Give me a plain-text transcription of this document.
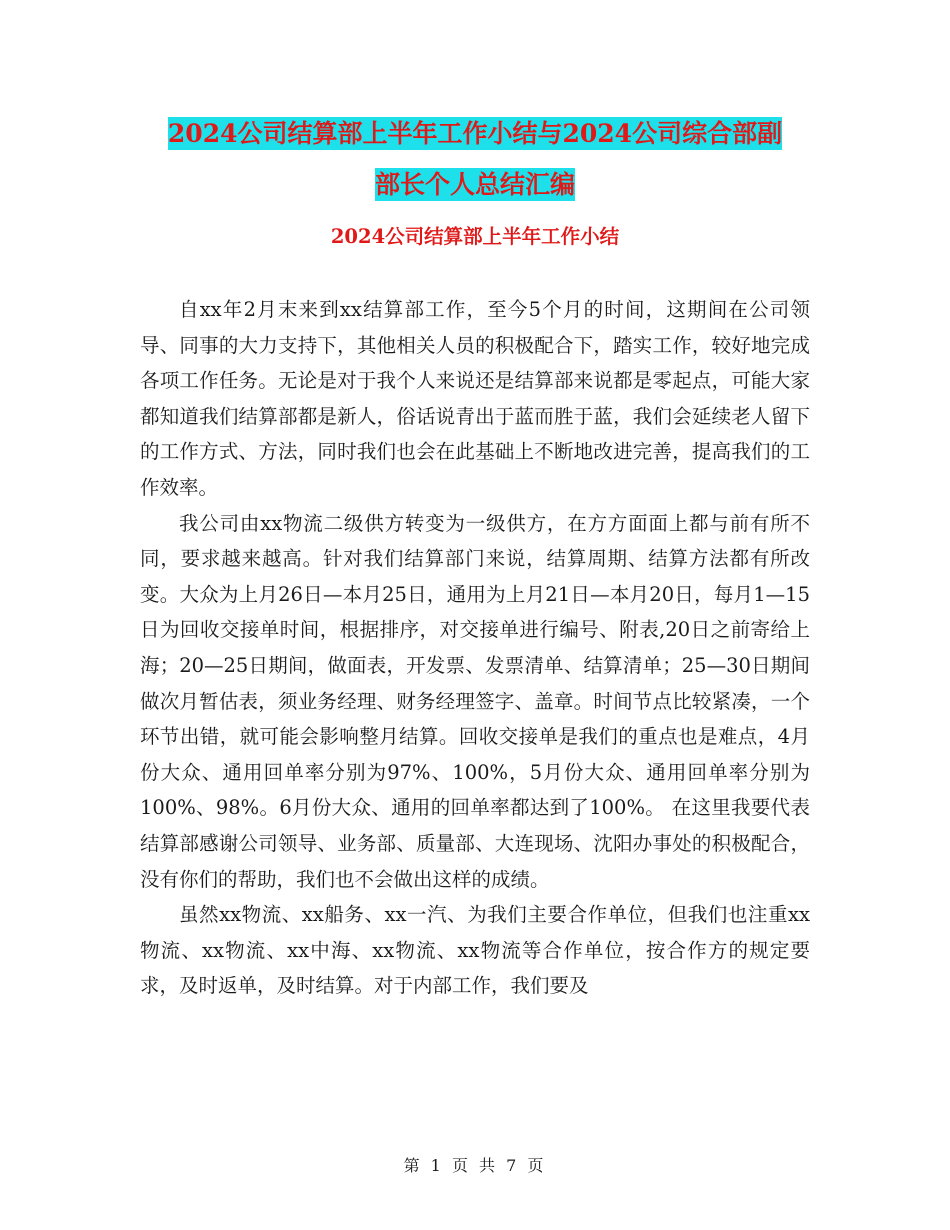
2024公司结算部上半年工作小结与2024公司综合部副
部长个人总结汇编
2024公司结算部上半年工作小结

自xx年2月末来到xx结算部工作，至今5个月的时间，这期间在公司领导、同事的大力支持下，其他相关人员的积极配合下，踏实工作，较好地完成各项工作任务。无论是对于我个人来说还是结算部来说都是零起点，可能大家都知道我们结算部都是新人，俗话说青出于蓝而胜于蓝，我们会延续老人留下的工作方式、方法，同时我们也会在此基础上不断地改进完善，提高我们的工作效率。

我公司由xx物流二级供方转变为一级供方，在方方面面上都与前有所不同，要求越来越高。针对我们结算部门来说，结算周期、结算方法都有所改变。大众为上月26日—本月25日，通用为上月21日—本月20日，每月1—15日为回收交接单时间，根据排序，对交接单进行编号、附表,20日之前寄给上海；20—25日期间，做面表，开发票、发票清单、结算清单；25—30日期间做次月暂估表，须业务经理、财务经理签字、盖章。时间节点比较紧凑，一个环节出错，就可能会影响整月结算。回收交接单是我们的重点也是难点，4月份大众、通用回单率分别为97%、100%，5月份大众、通用回单率分别为100%、98%。6月份大众、通用的回单率都达到了100%。 在这里我要代表结算部感谢公司领导、业务部、质量部、大连现场、沈阳办事处的积极配合，没有你们的帮助，我们也不会做出这样的成绩。

虽然xx物流、xx船务、xx一汽、为我们主要合作单位，但我们也注重xx物流、xx物流、xx中海、xx物流、xx物流等合作单位，按合作方的规定要求，及时返单，及时结算。对于内部工作，我们要及

第 1 页 共 7 页
